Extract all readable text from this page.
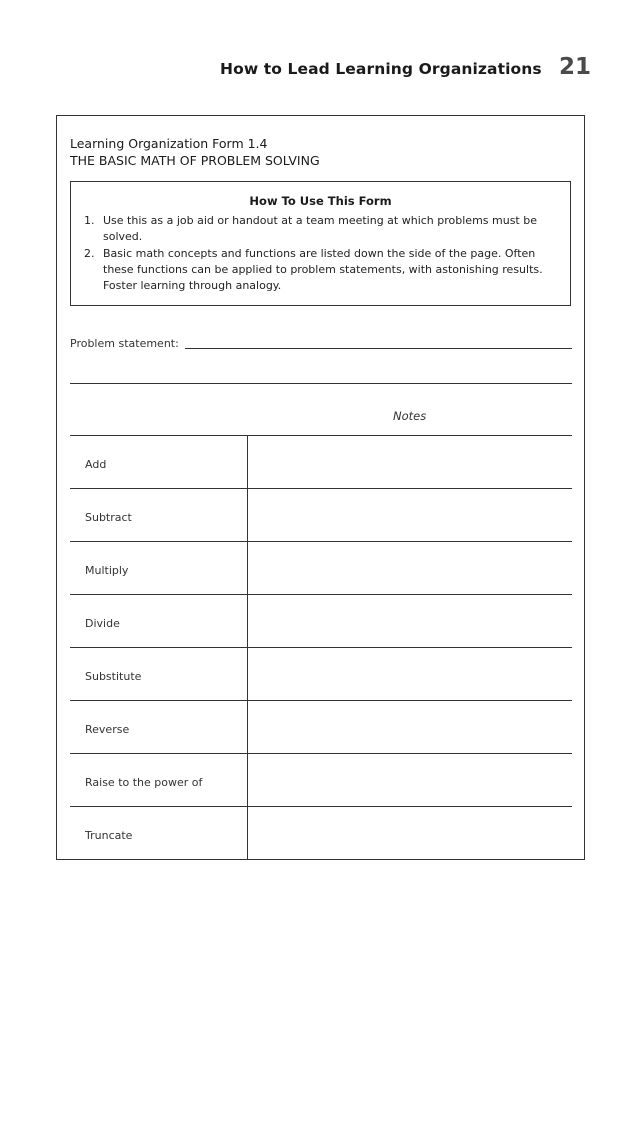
How to Lead Learning Organizations 21
Learning Organization Form 1.4
THE BASIC MATH OF PROBLEM SOLVING
How To Use This Form
1. Use this as a job aid or handout at a team meeting at which problems must be solved.
2. Basic math concepts and functions are listed down the side of the page. Often these functions can be applied to problem statements, with astonishing results. Foster learning through analogy.
Problem statement:
Notes
Add
Subtract
Multiply
Divide
Substitute
Reverse
Raise to the power of
Truncate
